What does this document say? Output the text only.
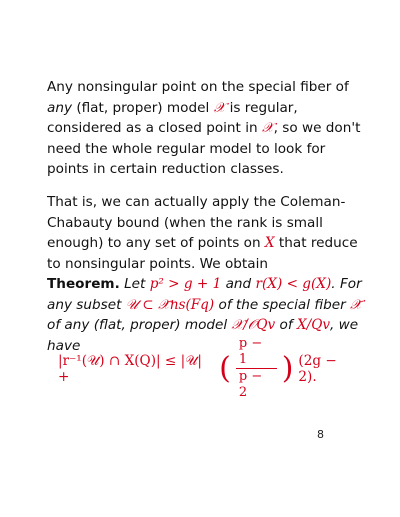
Any nonsingular point on the special fiber of any (flat, proper) model 𝒳 is regular, considered as a closed point in 𝒳, so we don't need the whole regular model to look for points in certain reduction classes.
That is, we can actually apply the Coleman-Chabauty bound (when the rank is small enough) to any set of points on X that reduce to nonsingular points. We obtain
Theorem. Let p² > g + 1 and r(X) < g(X). For any subset 𝒰 ⊂ 𝒳̄ns(Fq) of the special fiber 𝒳̄ of any (flat, proper) model 𝒳/𝒪Qv of X/Qv, we have
|r⁻¹(𝒰) ∩ X(Q)| ≤ |𝒰| +	( $\frac{p - 1}{p - 2}$ ) (2g − 2).
8
